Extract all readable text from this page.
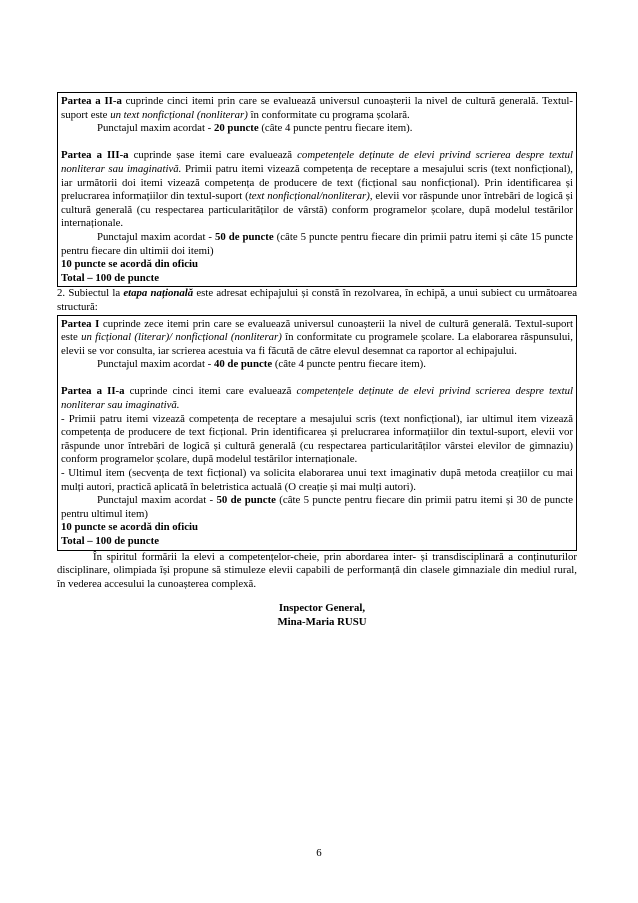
Partea a II-a cuprinde cinci itemi prin care se evaluează universul cunoașterii la nivel de cultură generală. Textul-suport este un text nonficțional (nonliterar) în conformitate cu programa școlară.

Punctajul maxim acordat - 20 puncte (câte 4 puncte pentru fiecare item).

Partea a III-a cuprinde șase itemi care evaluează competențele deținute de elevi privind scrierea despre textul nonliterar sau imaginativă. Primii patru itemi vizează competența de receptare a mesajului scris (text nonficțional), iar următorii doi itemi vizează competența de producere de text (ficțional sau nonficțional). Prin identificarea și prelucrarea informațiilor din textul-suport (text nonficțional/nonliterar), elevii vor răspunde unor întrebări de logică și cultură generală (cu respectarea particularităților de vârstă) conform programelor școlare, după modelul testărilor internaționale.

Punctajul maxim acordat - 50 de puncte (câte 5 puncte pentru fiecare din primii patru itemi și câte 15 puncte pentru fiecare din ultimii doi itemi)

10 puncte se acordă din oficiu

Total – 100 de puncte

2. Subiectul la etapa națională este adresat echipajului și constă în rezolvarea, în echipă, a unui subiect cu următoarea structură:

Partea I cuprinde zece itemi prin care se evaluează universul cunoașterii la nivel de cultură generală. Textul-suport este un ficțional (literar)/ nonficțional (nonliterar) în conformitate cu programele școlare. La elaborarea răspunsului, elevii se vor consulta, iar scrierea acestuia va fi făcută de către elevul desemnat ca raportor al echipajului.

Punctajul maxim acordat - 40 de puncte (câte 4 puncte pentru fiecare item).

Partea a II-a cuprinde cinci itemi care evaluează competențele deținute de elevi privind scrierea despre textul nonliterar sau imaginativă.

- Primii patru itemi vizează competența de receptare a mesajului scris (text nonficțional), iar ultimul item vizează competența de producere de text ficțional. Prin identificarea și prelucrarea informațiilor din textul-suport, elevii vor răspunde unor întrebări de logică și cultură generală (cu respectarea particularităților vârstei elevilor de gimnaziu) conform programelor școlare, după modelul testărilor internaționale.

- Ultimul item (secvența de text ficțional) va solicita elaborarea unui text imaginativ după metoda creațiilor cu mai mulți autori, practică aplicată în beletristica actuală (O creație și mai mulți autori).

Punctajul maxim acordat - 50 de puncte (câte 5 puncte pentru fiecare din primii patru itemi și 30 de puncte pentru ultimul item)

10 puncte se acordă din oficiu

Total – 100 de puncte

În spiritul formării la elevi a competențelor-cheie, prin abordarea inter- și transdisciplinară a conținuturilor disciplinare, olimpiada își propune să stimuleze elevii capabili de performanță din clasele gimnaziale din mediul rural, în vederea accesului la cunoașterea complexă.

Inspector General,
Mina-Maria RUSU
6
